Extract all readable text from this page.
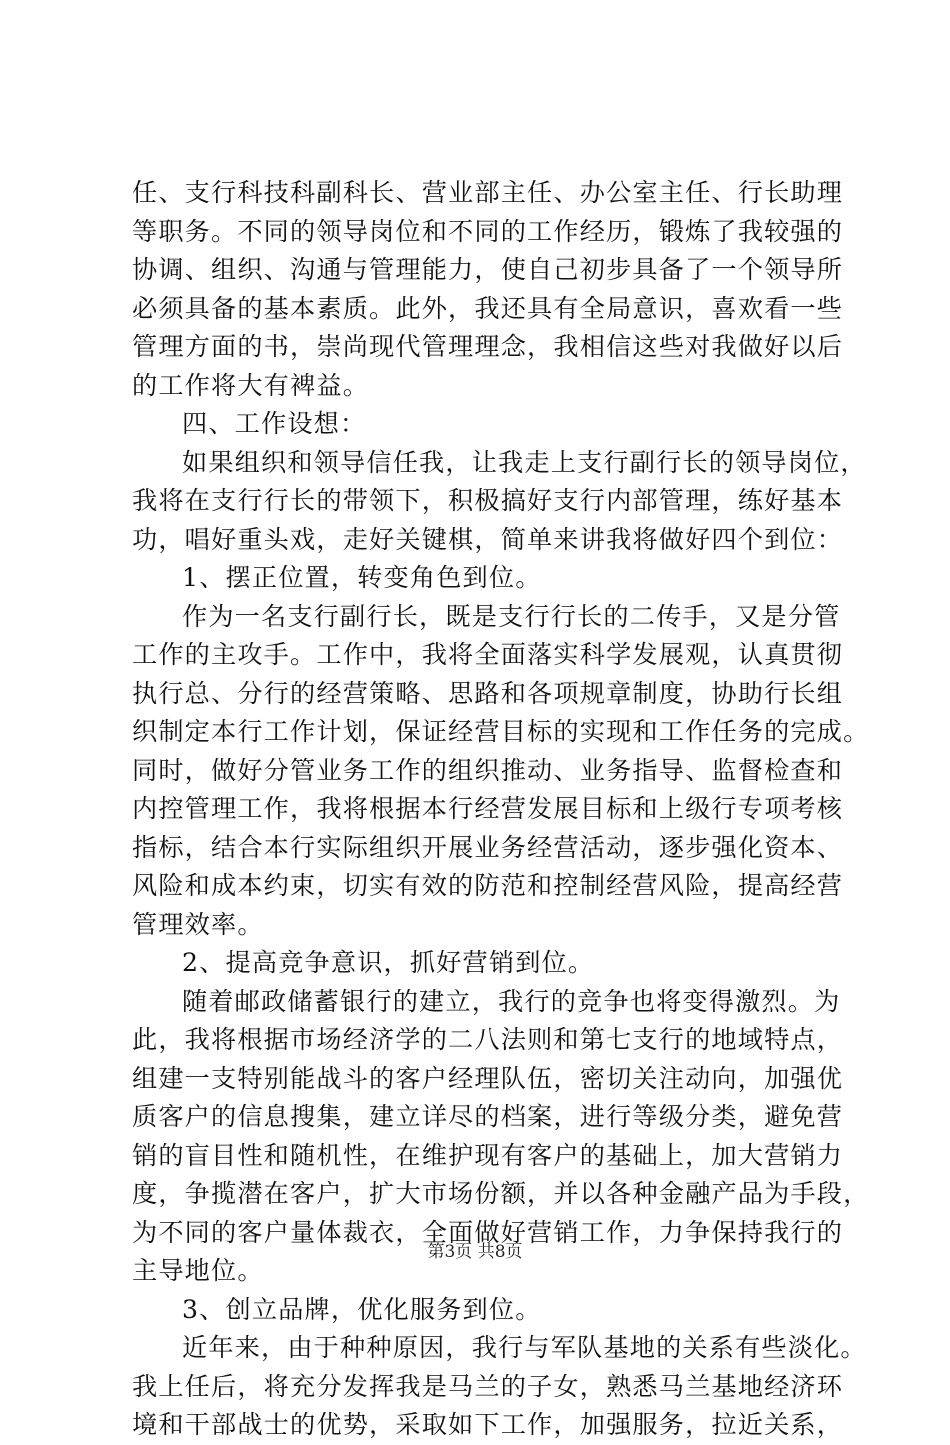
任、支行科技科副科长、营业部主任、办公室主任、行长助理
等职务。不同的领导岗位和不同的工作经历，锻炼了我较强的
协调、组织、沟通与管理能力，使自己初步具备了一个领导所
必须具备的基本素质。此外，我还具有全局意识，喜欢看一些
管理方面的书，崇尚现代管理理念，我相信这些对我做好以后
的工作将大有裨益。
四、工作设想：
如果组织和领导信任我，让我走上支行副行长的领导岗位，
我将在支行行长的带领下，积极搞好支行内部管理，练好基本
功，唱好重头戏，走好关键棋，简单来讲我将做好四个到位：
1、摆正位置，转变角色到位。
作为一名支行副行长，既是支行行长的二传手，又是分管
工作的主攻手。工作中，我将全面落实科学发展观，认真贯彻
执行总、分行的经营策略、思路和各项规章制度，协助行长组
织制定本行工作计划，保证经营目标的实现和工作任务的完成。
同时，做好分管业务工作的组织推动、业务指导、监督检查和
内控管理工作，我将根据本行经营发展目标和上级行专项考核
指标，结合本行实际组织开展业务经营活动，逐步强化资本、
风险和成本约束，切实有效的防范和控制经营风险，提高经营
管理效率。
2、提高竞争意识，抓好营销到位。
随着邮政储蓄银行的建立，我行的竞争也将变得激烈。为
此，我将根据市场经济学的二八法则和第七支行的地域特点，
组建一支特别能战斗的客户经理队伍，密切关注动向，加强优
质客户的信息搜集，建立详尽的档案，进行等级分类，避免营
销的盲目性和随机性，在维护现有客户的基础上，加大营销力
度，争揽潜在客户，扩大市场份额，并以各种金融产品为手段，
为不同的客户量体裁衣，全面做好营销工作，力争保持我行的
主导地位。
3、创立品牌，优化服务到位。
近年来，由于种种原因，我行与军队基地的关系有些淡化。
我上任后，将充分发挥我是马兰的子女，熟悉马兰基地经济环
境和干部战士的优势，采取如下工作，加强服务，拉近关系，
第3页 共8页
